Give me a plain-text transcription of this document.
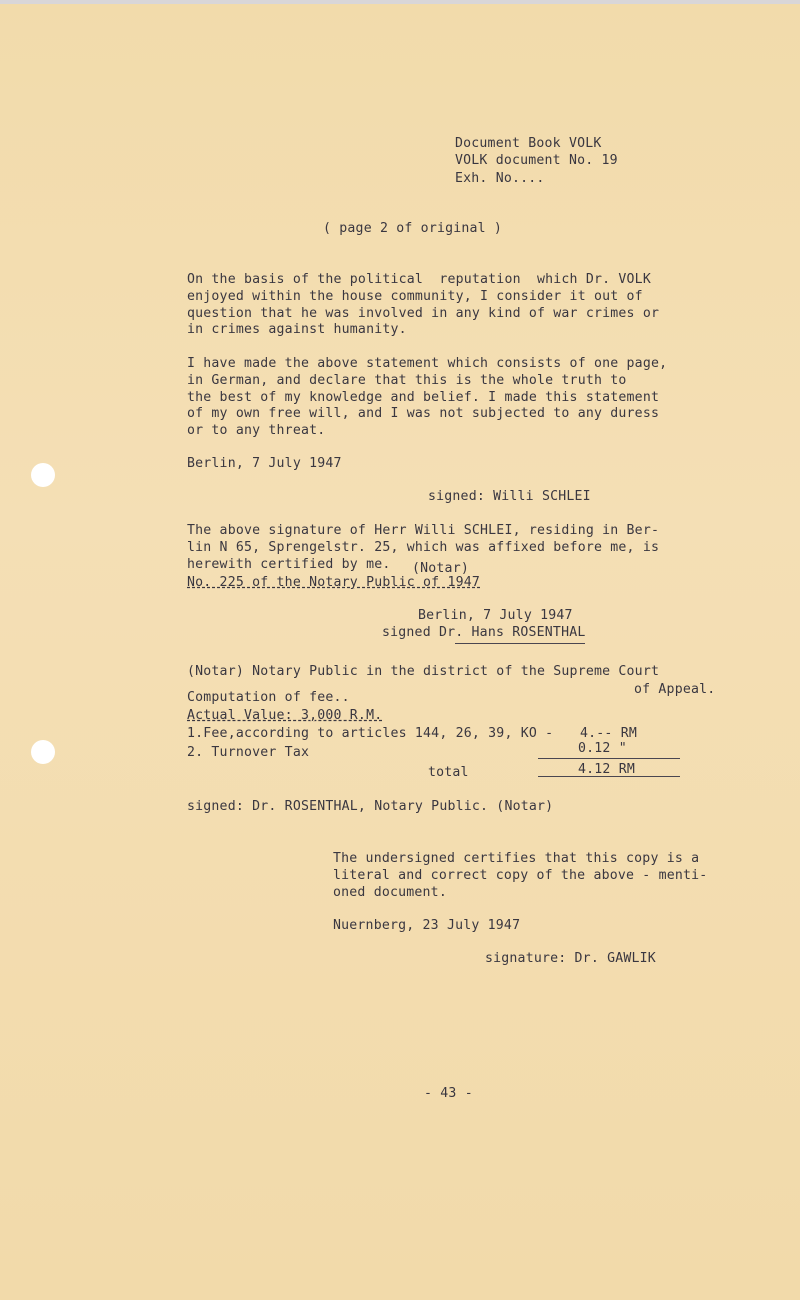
Document Book VOLK
VOLK document No. 19
Exh. No....
( page 2 of original )
On the basis of the political  reputation  which Dr. VOLK
enjoyed within the house community, I consider it out of
question that he was involved in any kind of war crimes or
in crimes against humanity.
I have made the above statement which consists of one page,
in German, and declare that this is the whole truth to
the best of my knowledge and belief. I made this statement
of my own free will, and I was not subjected to any duress
or to any threat.
Berlin, 7 July 1947
signed: Willi SCHLEI
The above signature of Herr Willi SCHLEI, residing in Ber-
lin N 65, Sprengelstr. 25, which was affixed before me, is
herewith certified by me. (Notar)
No. 225 of the Notary Public of 1947
Berlin, 7 July 1947
signed Dr. Hans ROSENTHAL
(Notar) Notary Public in the district of the Supreme Court
of Appeal.
Computation of fee..
Actual Value: 3,000 R.M.
1.Fee,according to articles 144, 26, 39, KO - 4.-- RM
2. Turnover Tax	0.12 "
total	4.12 RM
signed: Dr. ROSENTHAL, Notary Public. (Notar)
The undersigned certifies that this copy is a
literal and correct copy of the above - menti-
oned document.
Nuernberg, 23 July 1947
signature: Dr. GAWLIK
- 43 -
